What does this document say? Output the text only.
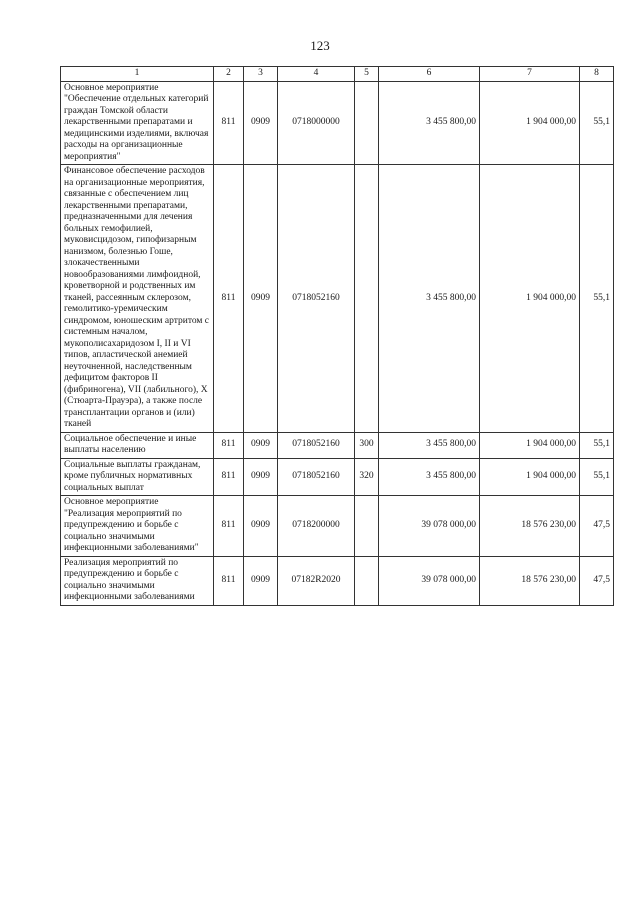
123
1	2	3	4	5	6	7	8
Основное мероприятие "Обеспечение отдельных категорий граждан Томской области лекарственными препаратами и медицинскими изделиями, включая расходы на организационные мероприятия"	811	0909	0718000000		3 455 800,00	1 904 000,00	55,1
Финансовое обеспечение расходов на организационные мероприятия, связанные с обеспечением лиц лекарственными препаратами, предназначенными для лечения больных гемофилией, муковисцидозом, гипофизарным нанизмом, болезнью Гоше, злокачественными новообразованиями лимфоидной, кроветворной и родственных им тканей, рассеянным склерозом, гемолитико-уремическим синдромом, юношеским артритом с системным началом, мукополисахаридозом I, II и VI типов, апластической анемией неуточненной, наследственным дефицитом факторов II (фибриногена), VII (лабильного), X (Стюарта-Прауэра), а также после трансплантации органов и (или) тканей	811	0909	0718052160		3 455 800,00	1 904 000,00	55,1
Социальное обеспечение и иные выплаты населению	811	0909	0718052160	300	3 455 800,00	1 904 000,00	55,1
Социальные выплаты гражданам, кроме публичных нормативных социальных выплат	811	0909	0718052160	320	3 455 800,00	1 904 000,00	55,1
Основное мероприятие "Реализация мероприятий по предупреждению и борьбе с социально значимыми инфекционными заболеваниями"	811	0909	0718200000		39 078 000,00	18 576 230,00	47,5
Реализация мероприятий по предупреждению и борьбе с социально значимыми инфекционными заболеваниями	811	0909	07182R2020		39 078 000,00	18 576 230,00	47,5
